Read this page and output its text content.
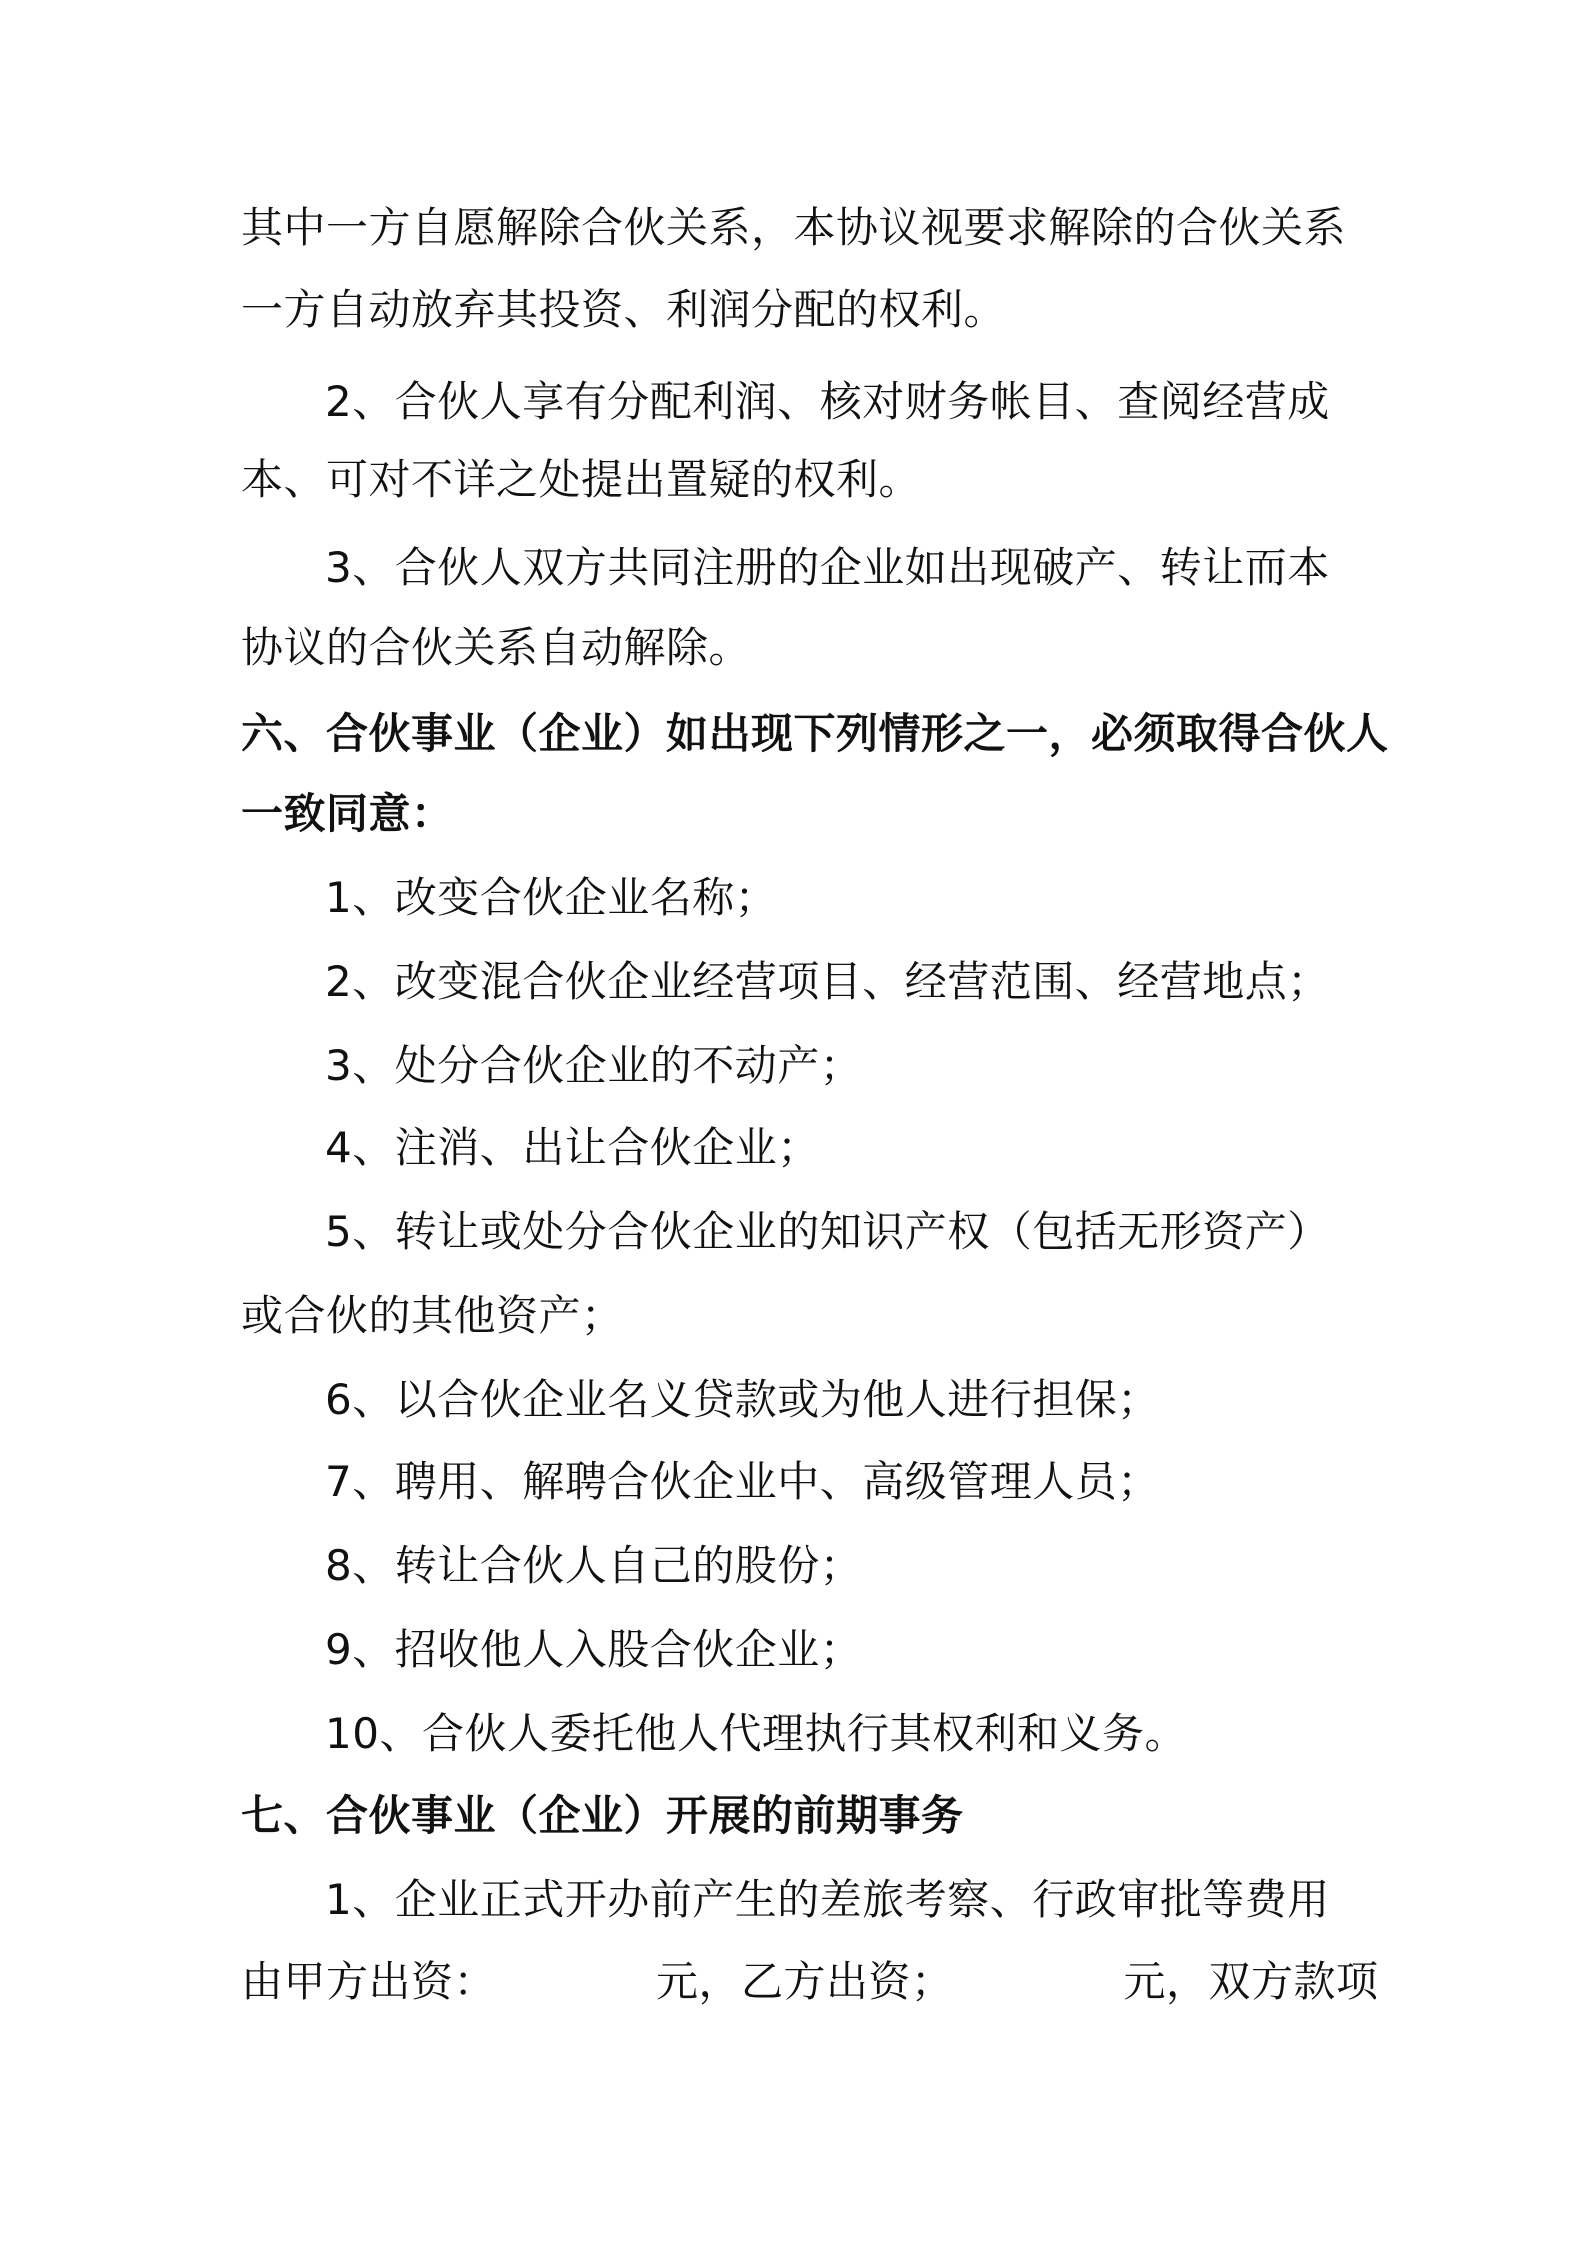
其中一方自愿解除合伙关系，本协议视要求解除的合伙关系
一方自动放弃其投资、利润分配的权利。
2、合伙人享有分配利润、核对财务帐目、查阅经营成
本、可对不详之处提出置疑的权利。
3、合伙人双方共同注册的企业如出现破产、转让而本
协议的合伙关系自动解除。
六、合伙事业（企业）如出现下列情形之一，必须取得合伙人
一致同意：
1、改变合伙企业名称；
2、改变混合伙企业经营项目、经营范围、经营地点；
3、处分合伙企业的不动产；
4、注消、出让合伙企业；
5、转让或处分合伙企业的知识产权（包括无形资产）
或合伙的其他资产；
6、以合伙企业名义贷款或为他人进行担保；
7、聘用、解聘合伙企业中、高级管理人员；
8、转让合伙人自己的股份；
9、招收他人入股合伙企业；
10、合伙人委托他人代理执行其权利和义务。
七、合伙事业（企业）开展的前期事务
1、企业正式开办前产生的差旅考察、行政审批等费用
由甲方出资：	元，乙方出资；	元，双方款项
